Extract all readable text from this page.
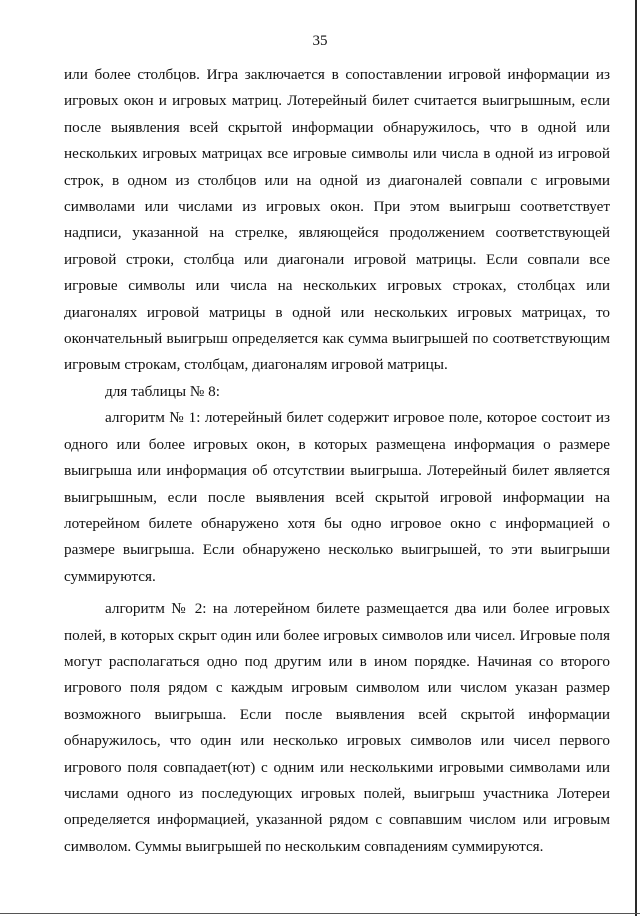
35

или более столбцов. Игра заключается в сопоставлении игровой информации из игровых окон и игровых матриц. Лотерейный билет считается выигрышным, если после выявления всей скрытой информации обнаружилось, что в одной или нескольких игровых матрицах все игровые символы или числа в одной из игровой строк, в одном из столбцов или на одной из диагоналей совпали с игровыми символами или числами из игровых окон. При этом выигрыш соответствует надписи, указанной на стрелке, являющейся продолжением соответствующей игровой строки, столбца или диагонали игровой матрицы. Если совпали все игровые символы или числа на нескольких игровых строках, столбцах или диагоналях игровой матрицы в одной или нескольких игровых матрицах, то окончательный выигрыш определяется как сумма выигрышей по соответствующим игровым строкам, столбцам, диагоналям игровой матрицы.

для таблицы № 8:

алгоритм № 1: лотерейный билет содержит игровое поле, которое состоит из одного или более игровых окон, в которых размещена информация о размере выигрыша или информация об отсутствии выигрыша. Лотерейный билет является выигрышным, если после выявления всей скрытой игровой информации на лотерейном билете обнаружено хотя бы одно игровое окно с информацией о размере выигрыша. Если обнаружено несколько выигрышей, то эти выигрыши суммируются.

алгоритм № 2: на лотерейном билете размещается два или более игровых полей, в которых скрыт один или более игровых символов или чисел. Игровые поля могут располагаться одно под другим или в ином порядке. Начиная со второго игрового поля рядом с каждым игровым символом или числом указан размер возможного выигрыша. Если после выявления всей скрытой информации обнаружилось, что один или несколько игровых символов или чисел первого игрового поля совпадает(ют) с одним или несколькими игровыми символами или числами одного из последующих игровых полей, выигрыш участника Лотереи определяется информацией, указанной рядом с совпавшим числом или игровым символом. Суммы выигрышей по нескольким совпадениям суммируются.
